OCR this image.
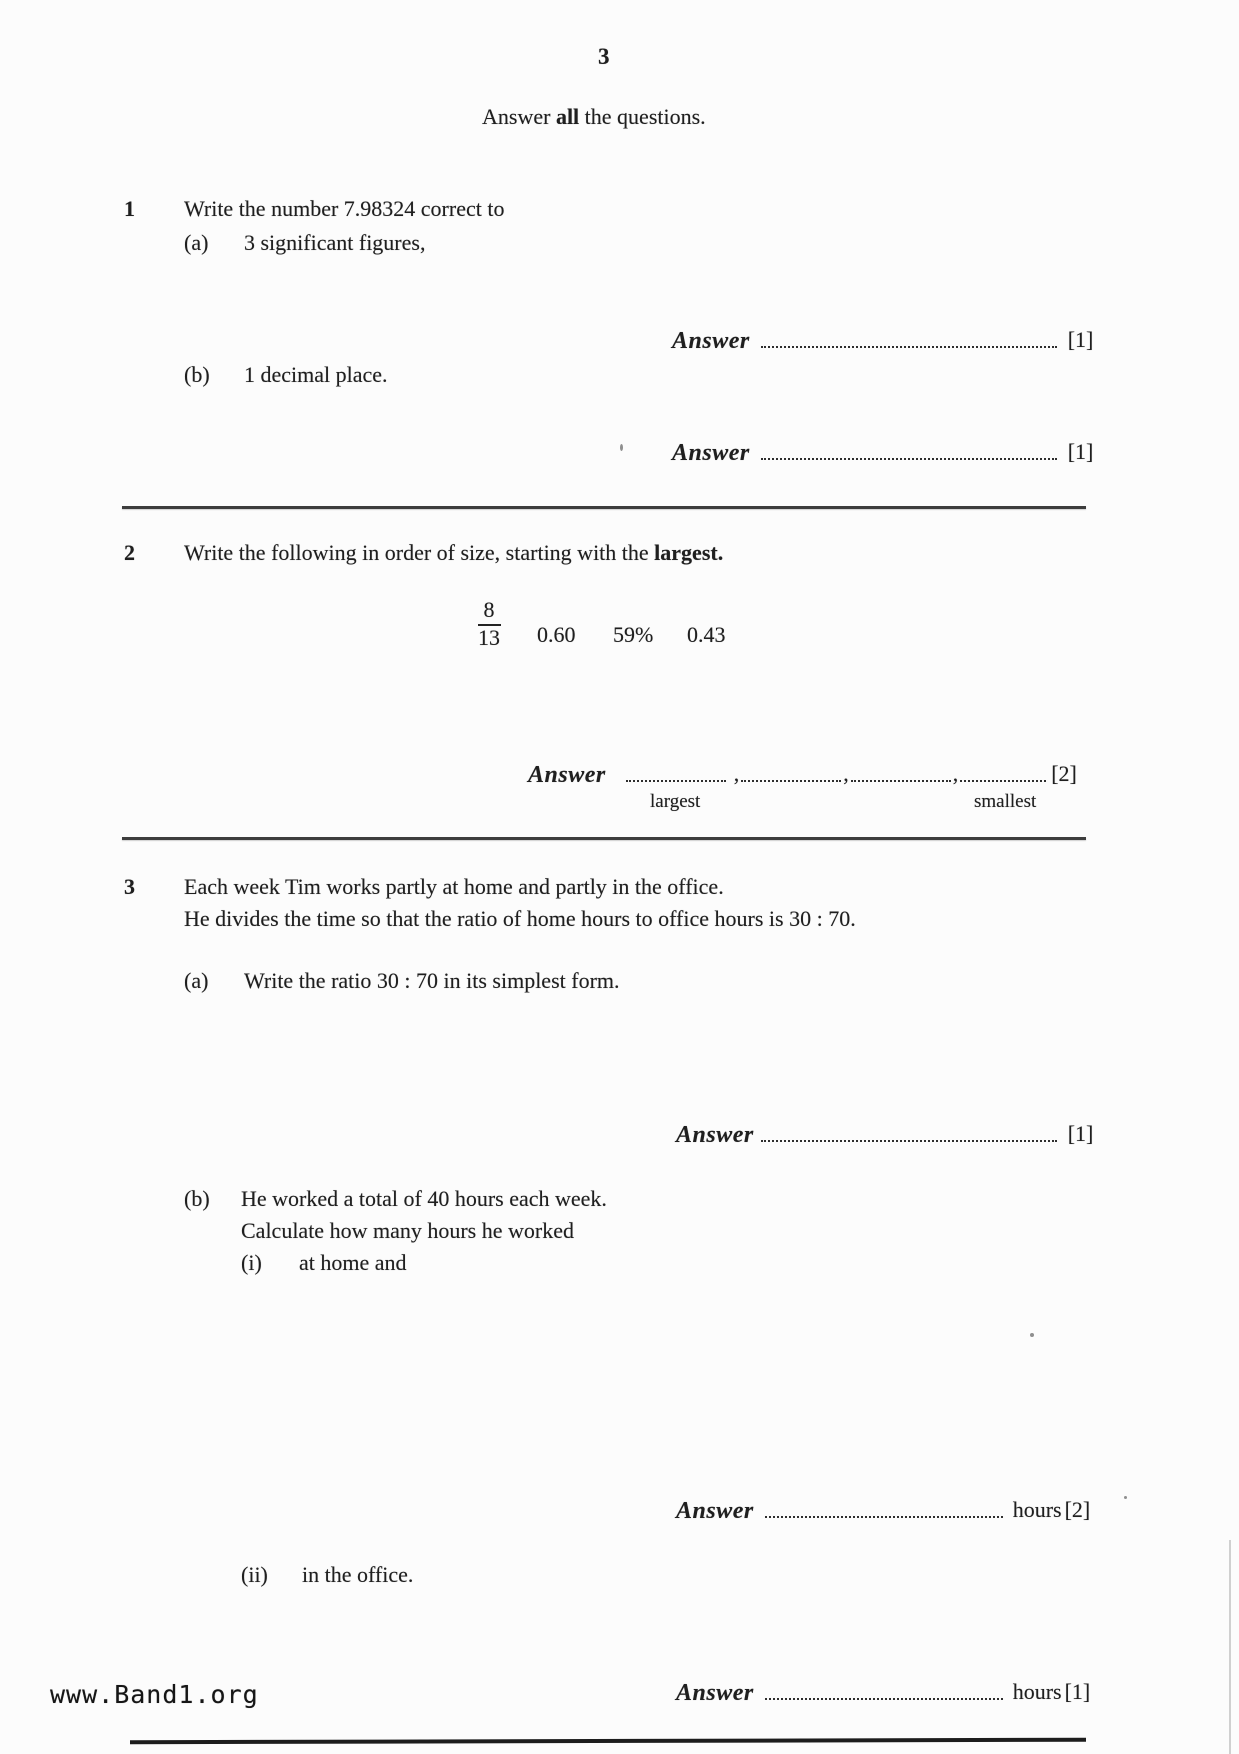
3
Answer all the questions.
1 Write the number 7.98324 correct to
(a) 3 significant figures,
Answer	[1]
(b) 1 decimal place.
Answer	[1]
2 Write the following in order of size, starting with the largest.
$\frac{8}{13} 0.60$ 59% 0.43
Answer	,	,	,	[2]
largest	smallest
3 Each week Tim works partly at home and partly in the office.
He divides the time so that the ratio of home hours to office hours is 30 : 70.
(a) Write the ratio 30 : 70 in its simplest form.
Answer	[1]
(b) He worked a total of 40 hours each week.
Calculate how many hours he worked
(i) at home and
Answer	hours [2]
(ii) in the office.
Answer	hours [1]
www.Band1.org
